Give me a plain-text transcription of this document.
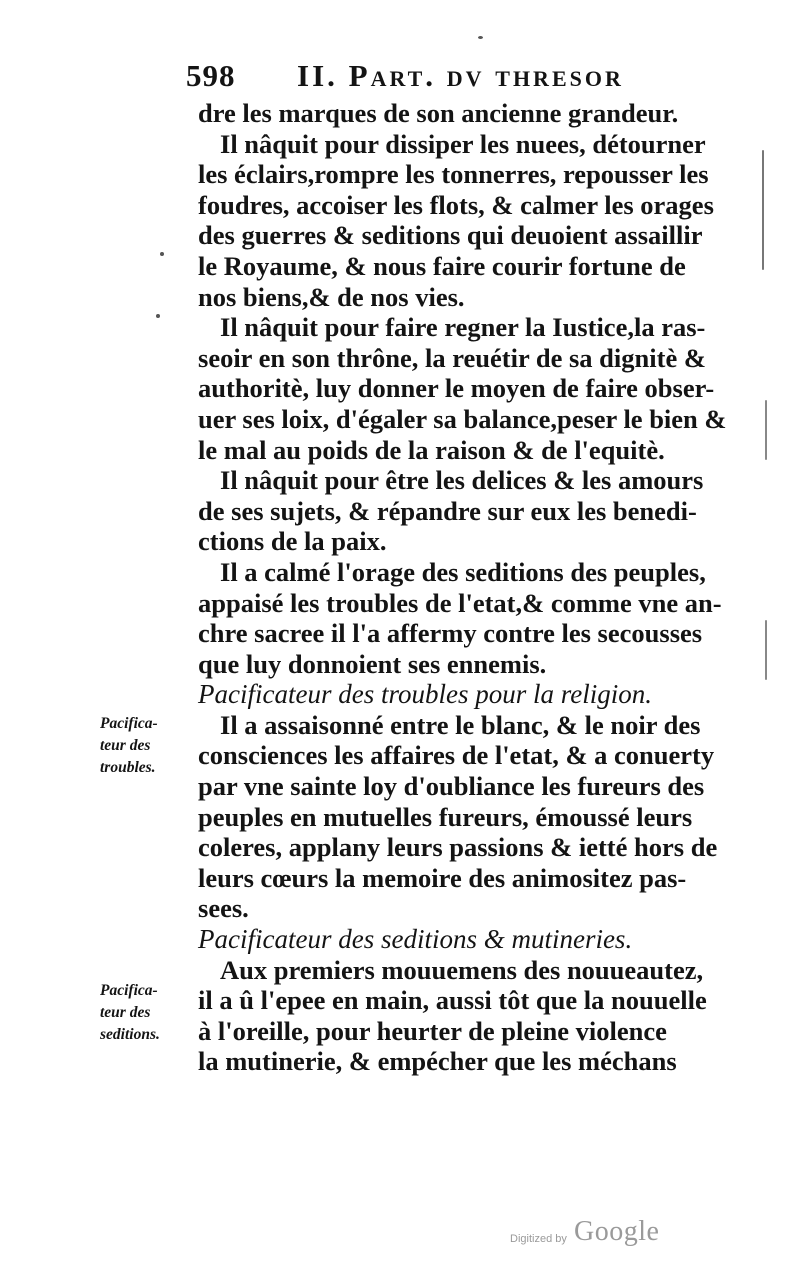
598 II. Part. dv thresor
dre les marques de son ancienne grandeur.
Il nâquit pour dissiper les nuees, détourner
les éclairs,rompre les tonnerres, repousser les
foudres, accoiser les flots, & calmer les orages
des guerres & seditions qui deuoient assaillir
le Royaume, & nous faire courir fortune de
nos biens,& de nos vies.
Il nâquit pour faire regner la Iustice,la ras-
seoir en son thrône, la reuétir de sa dignitè &
authoritè, luy donner le moyen de faire obser-
uer ses loix, d'égaler sa balance,peser le bien &
le mal au poids de la raison & de l'equitè.
Il nâquit pour être les delices & les amours
de ses sujets, & répandre sur eux les benedi-
ctions de la paix.
Il a calmé l'orage des seditions des peuples,
appaisé les troubles de l'etat,& comme vne an-
chre sacree il l'a affermy contre les secousses
que luy donnoient ses ennemis.
Pacificateur des troubles pour la religion.
Il a assaisonné entre le blanc, & le noir des
consciences les affaires de l'etat, & a conuerty
par vne sainte loy d'oubliance les fureurs des
peuples en mutuelles fureurs, émoussé leurs
coleres, applany leurs passions & ietté hors de
leurs cœurs la memoire des animositez pas-
sees.
Pacificateur des seditions & mutineries.
Aux premiers mouuemens des nouueautez,
il a û l'epee en main, aussi tôt que la nouuelle
à l'oreille, pour heurter de pleine violence
la mutinerie, & empécher que les méchans
Pacifica-
teur des
troubles.
Pacifica-
teur des
seditions.
Digitized by Google
